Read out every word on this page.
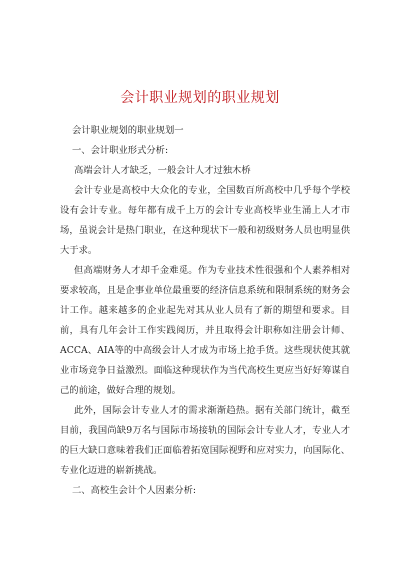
会计职业规划的职业规划

会计职业规划的职业规划一

一、会计职业形式分析:

高端会计人才缺乏，一般会计人才过独木桥

会计专业是高校中大众化的专业，全国数百所高校中几乎每个学校设有会计专业。每年都有成千上万的会计专业高校毕业生涌上人才市场，虽说会计是热门职业，在这种现状下一般和初级财务人员也明显供大于求。

但高端财务人才却千金难觅。作为专业技术性很强和个人素养相对要求较高，且是企事业单位最重要的经济信息系统和限制系统的财务会计工作。越来越多的企业起先对其从业人员有了新的期望和要求。目前，具有几年会计工作实践阅历，并且取得会计职称如注册会计师、ACCA、AIA等的中高级会计人才成为市场上抢手货。这些现状使其就业市场竞争日益激烈。面临这种现状作为当代高校生更应当好好筹谋自己的前途，做好合理的规划。

此外，国际会计专业人才的需求渐渐趋热。据有关部门统计，截至目前，我国尚缺9万名与国际市场接轨的国际会计专业人才，专业人才的巨大缺口意味着我们正面临着拓宽国际视野和应对实力，向国际化、专业化迈进的崭新挑战。

二、高校生会计个人因素分析:
